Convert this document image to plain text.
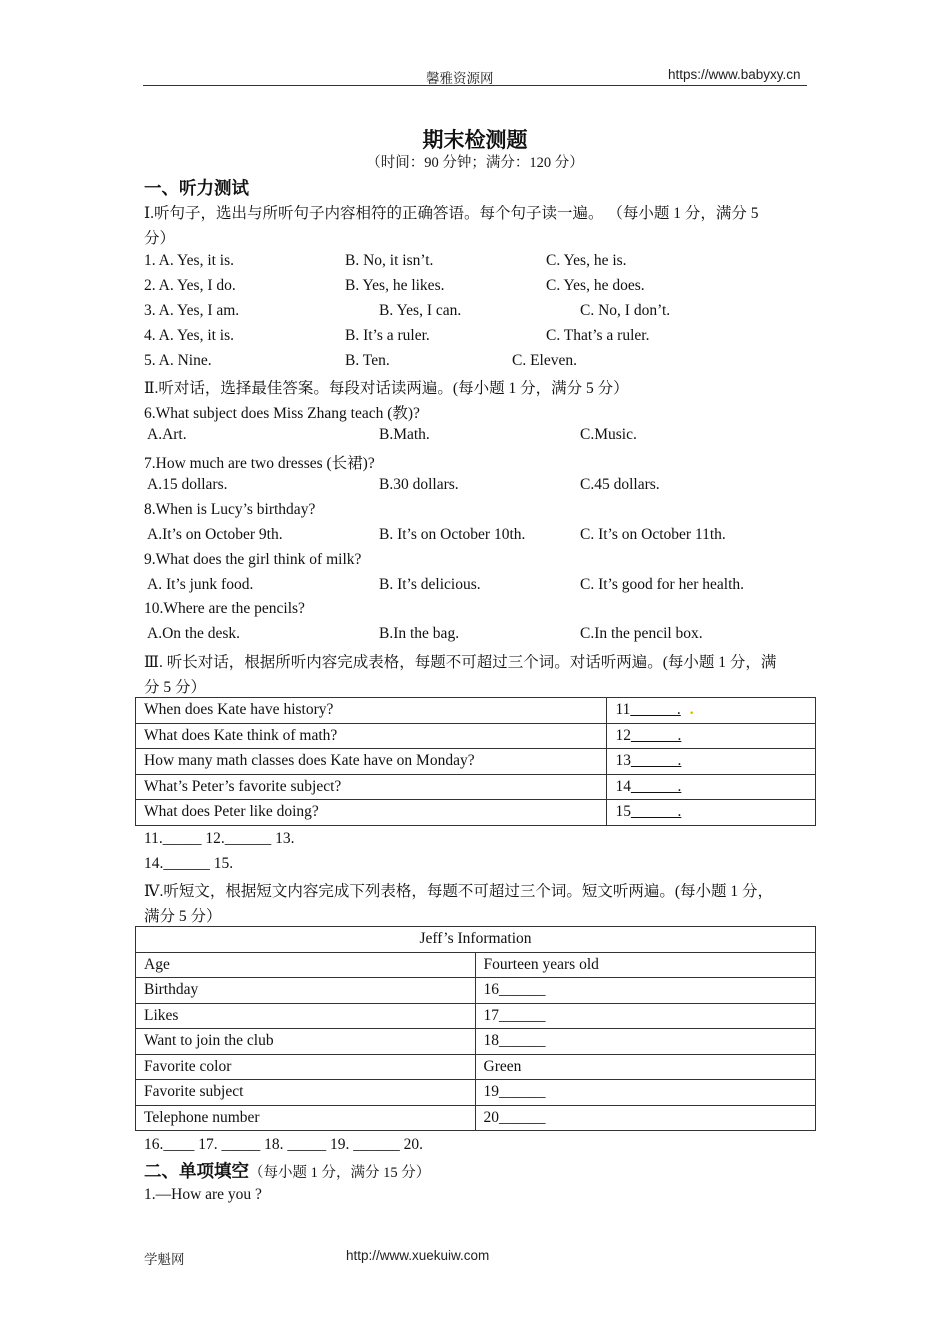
馨雅资源网	https://www.babyxy.cn
期末检测题
（时间：90 分钟；满分：120 分）
一、听力测试
Ⅰ.听句子，选出与所听句子内容相符的正确答语。每个句子读一遍。 （每小题 1 分，满分 5
分）
1. A. Yes, it is.	B. No, it isn’t.	C. Yes, he is.
2. A. Yes, I do.	B. Yes, he likes.	C. Yes, he does.
3. A. Yes, I am.	B. Yes, I can.	C. No, I don’t.
4. A. Yes, it is.	B. It’s a ruler.	C. That’s a ruler.
5. A. Nine.	B. Ten.	C. Eleven.
Ⅱ.听对话，选择最佳答案。每段对话读两遍。(每小题 1 分，满分 5 分）
6.What subject does Miss Zhang teach (教)?
A.Art.	B.Math.	C.Music.
7.How much are two dresses (长裙)?
A.15 dollars.	B.30 dollars.	C.45 dollars.
8.When is Lucy’s birthday?
A.It’s on October 9th.	B. It’s on October 10th.	C. It’s on October 11th.
9.What does the girl think of milk?
A. It’s junk food.	B. It’s delicious.	C. It’s good for her health.
10.Where are the pencils?
A.On the desk.	B.In the bag.	C.In the pencil box.
Ⅲ. 听长对话，根据所听内容完成表格，每题不可超过三个词。对话听两遍。(每小题 1 分，满
分 5 分）
When does Kate have history?	11______. .
What does Kate think of math?	12______.
How many math classes does Kate have on Monday?	13______.
What’s Peter’s favorite subject?	14______.
What does Peter like doing?	15______.
11._____ 12.______ 13.
14.______ 15.
Ⅳ.听短文，根据短文内容完成下列表格，每题不可超过三个词。短文听两遍。(每小题 1 分，
满分 5 分）
Jeff’s Information	
Age	Fourteen years old
Birthday	16______
Likes	17______
Want to join the club	18______
Favorite color	Green
Favorite subject	19______
Telephone number	20______
16.____ 17. _____ 18. _____ 19. ______ 20.
二、单项填空（每小题 1 分，满分 15 分）
1.—How are you ?
学魁网	http://www.xuekuiw.com
